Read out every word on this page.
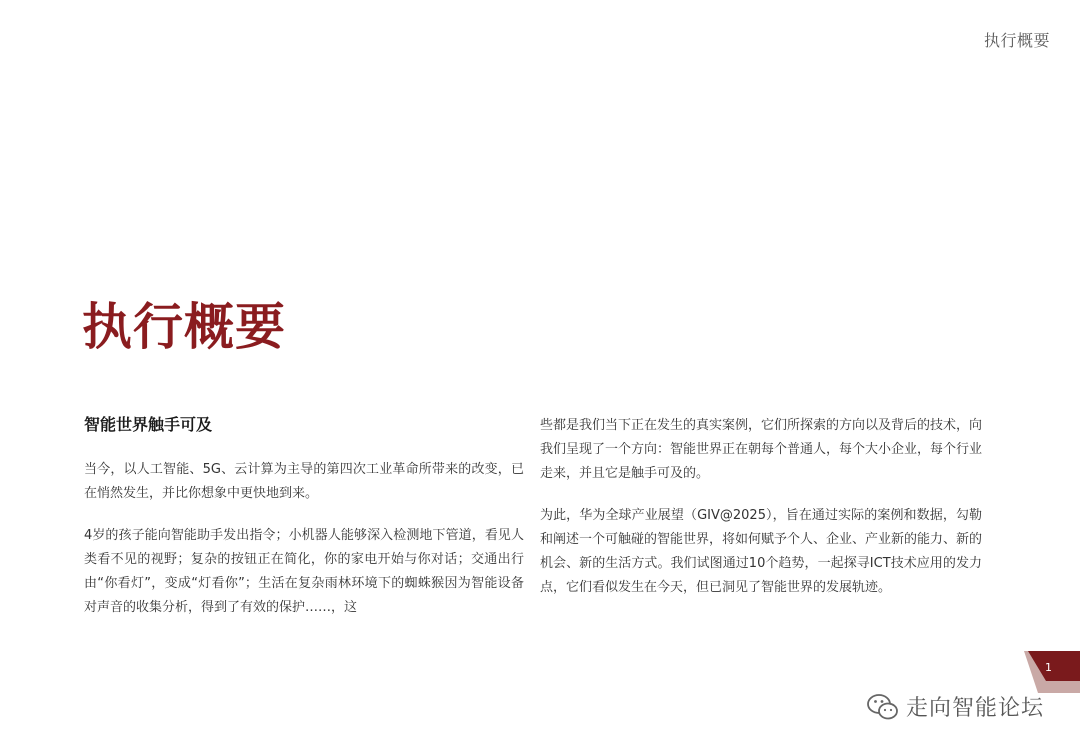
执行概要
执行概要
智能世界触手可及

当今，以人工智能、5G、云计算为主导的第四次工业革命所带来的改变，已在悄然发生，并比你想象中更快地到来。

4岁的孩子能向智能助手发出指令；小机器人能够深入检测地下管道，看见人类看不见的视野；复杂的按钮正在简化，你的家电开始与你对话；交通出行由“你看灯”，变成“灯看你”；生活在复杂雨林环境下的蜘蛛猴因为智能设备对声音的收集分析，得到了有效的保护……，这

些都是我们当下正在发生的真实案例，它们所探索的方向以及背后的技术，向我们呈现了一个方向：智能世界正在朝每个普通人，每个大小企业，每个行业走来，并且它是触手可及的。

为此，华为全球产业展望（GIV@2025），旨在通过实际的案例和数据，勾勒和阐述一个可触碰的智能世界，将如何赋予个人、企业、产业新的能力、新的机会、新的生活方式。我们试图通过10个趋势，一起探寻ICT技术应用的发力点，它们看似发生在今天，但已洞见了智能世界的发展轨迹。

1
走向智能论坛
